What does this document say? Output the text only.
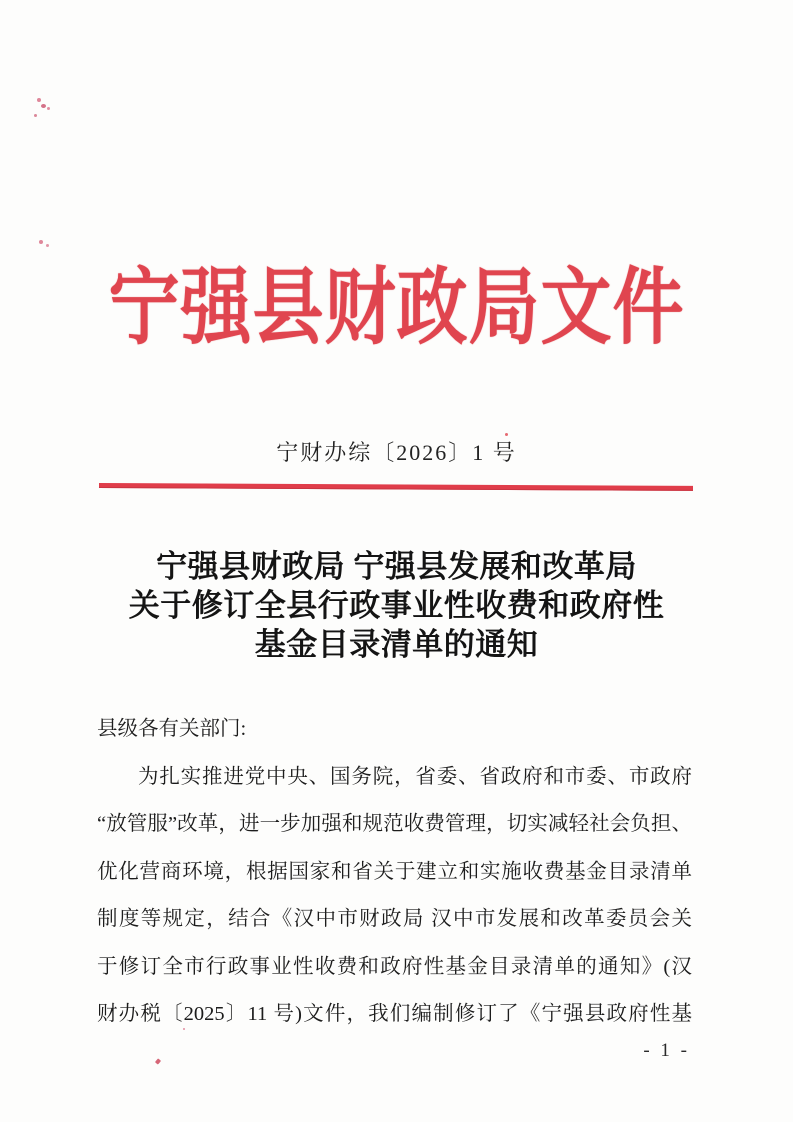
宁强县财政局文件
宁财办综〔2026〕1 号
宁强县财政局 宁强县发展和改革局
关于修订全县行政事业性收费和政府性
基金目录清单的通知
县级各有关部门:
为扎实推进党中央、国务院，省委、省政府和市委、市政府
“放管服”改革，进一步加强和规范收费管理，切实减轻社会负担、
优化营商环境，根据国家和省关于建立和实施收费基金目录清单
制度等规定，结合《汉中市财政局 汉中市发展和改革委员会关
于修订全市行政事业性收费和政府性基金目录清单的通知》(汉
财办税〔2025〕11 号)文件，我们编制修订了《宁强县政府性基
- 1 -
